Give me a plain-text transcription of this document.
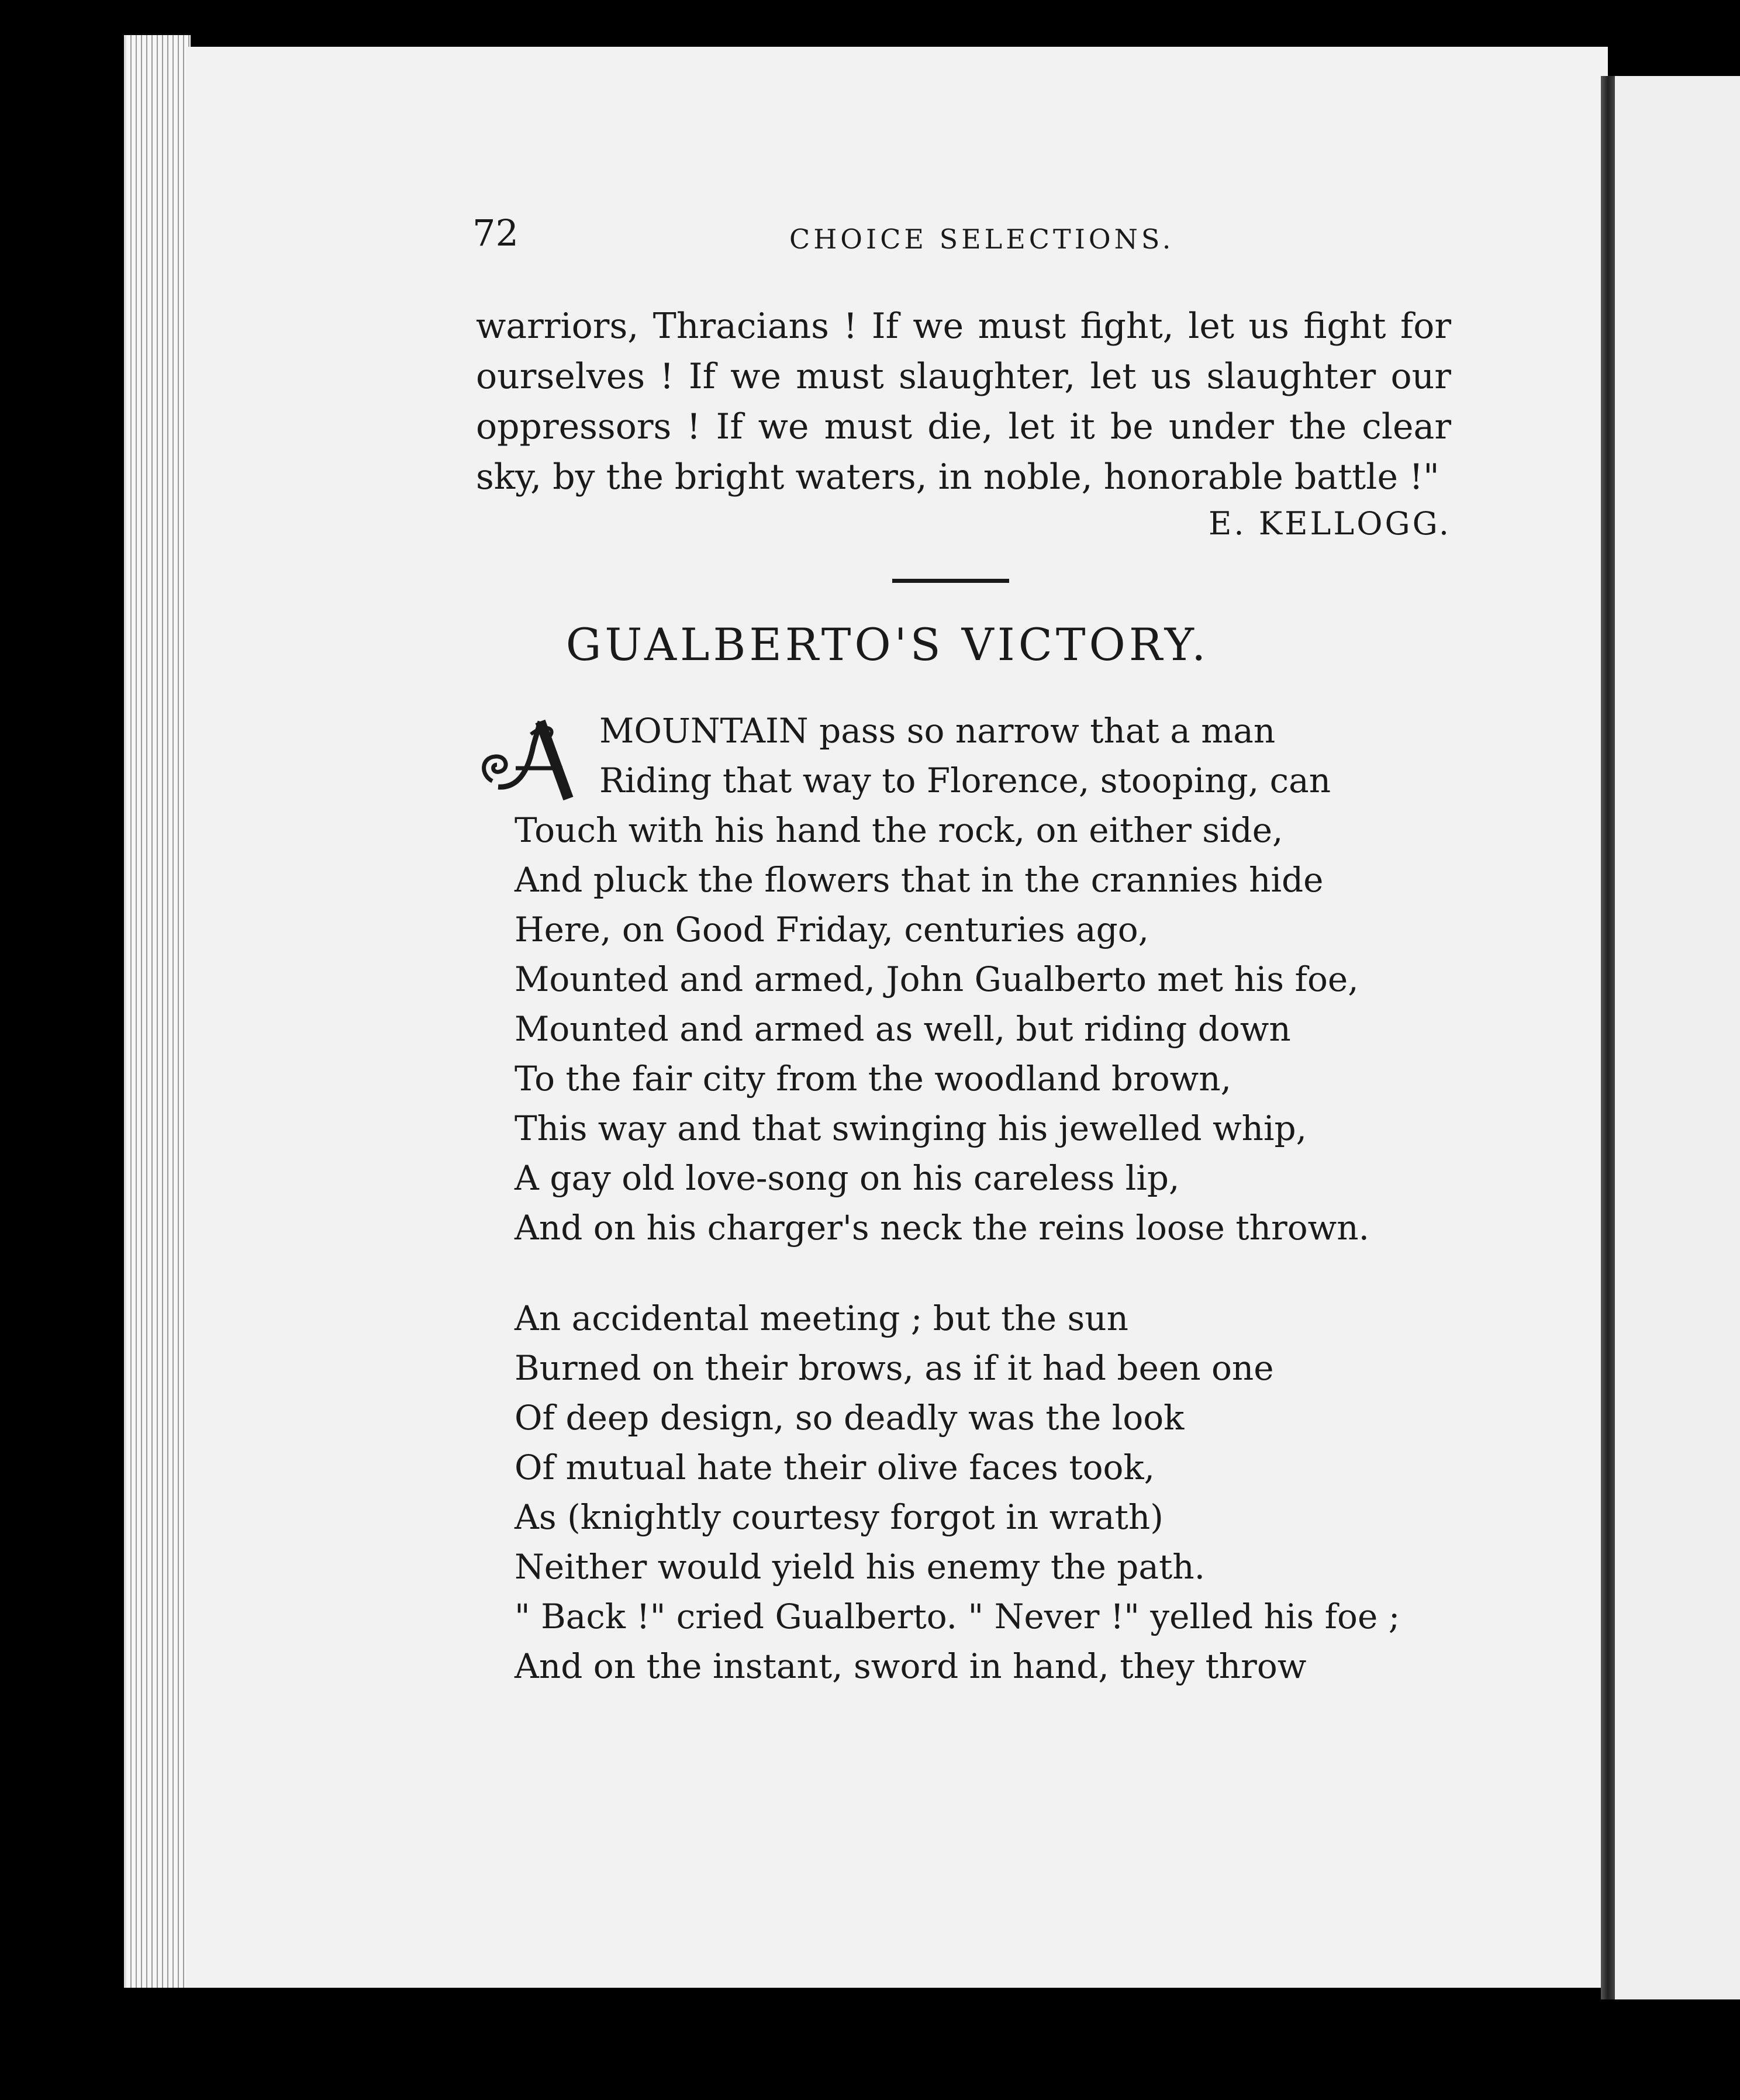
72	CHOICE SELECTIONS.
warriors, Thracians ! If we must fight, let us fight for
ourselves ! If we must slaughter, let us slaughter our
oppressors ! If we must die, let it be under the clear
sky, by the bright waters, in noble, honorable battle !"
E. KELLOGG.
GUALBERTO'S VICTORY.
A	MOUNTAIN pass so narrow that a man
Riding that way to Florence, stooping, can
Touch with his hand the rock, on either side,
And pluck the flowers that in the crannies hide
Here, on Good Friday, centuries ago,
Mounted and armed, John Gualberto met his foe,
Mounted and armed as well, but riding down
To the fair city from the woodland brown,
This way and that swinging his jewelled whip,
A gay old love-song on his careless lip,
And on his charger's neck the reins loose thrown.
An accidental meeting ; but the sun
Burned on their brows, as if it had been one
Of deep design, so deadly was the look
Of mutual hate their olive faces took,
As (knightly courtesy forgot in wrath)
Neither would yield his enemy the path.
" Back !" cried Gualberto. " Never !" yelled his foe ;
And on the instant, sword in hand, they throw
